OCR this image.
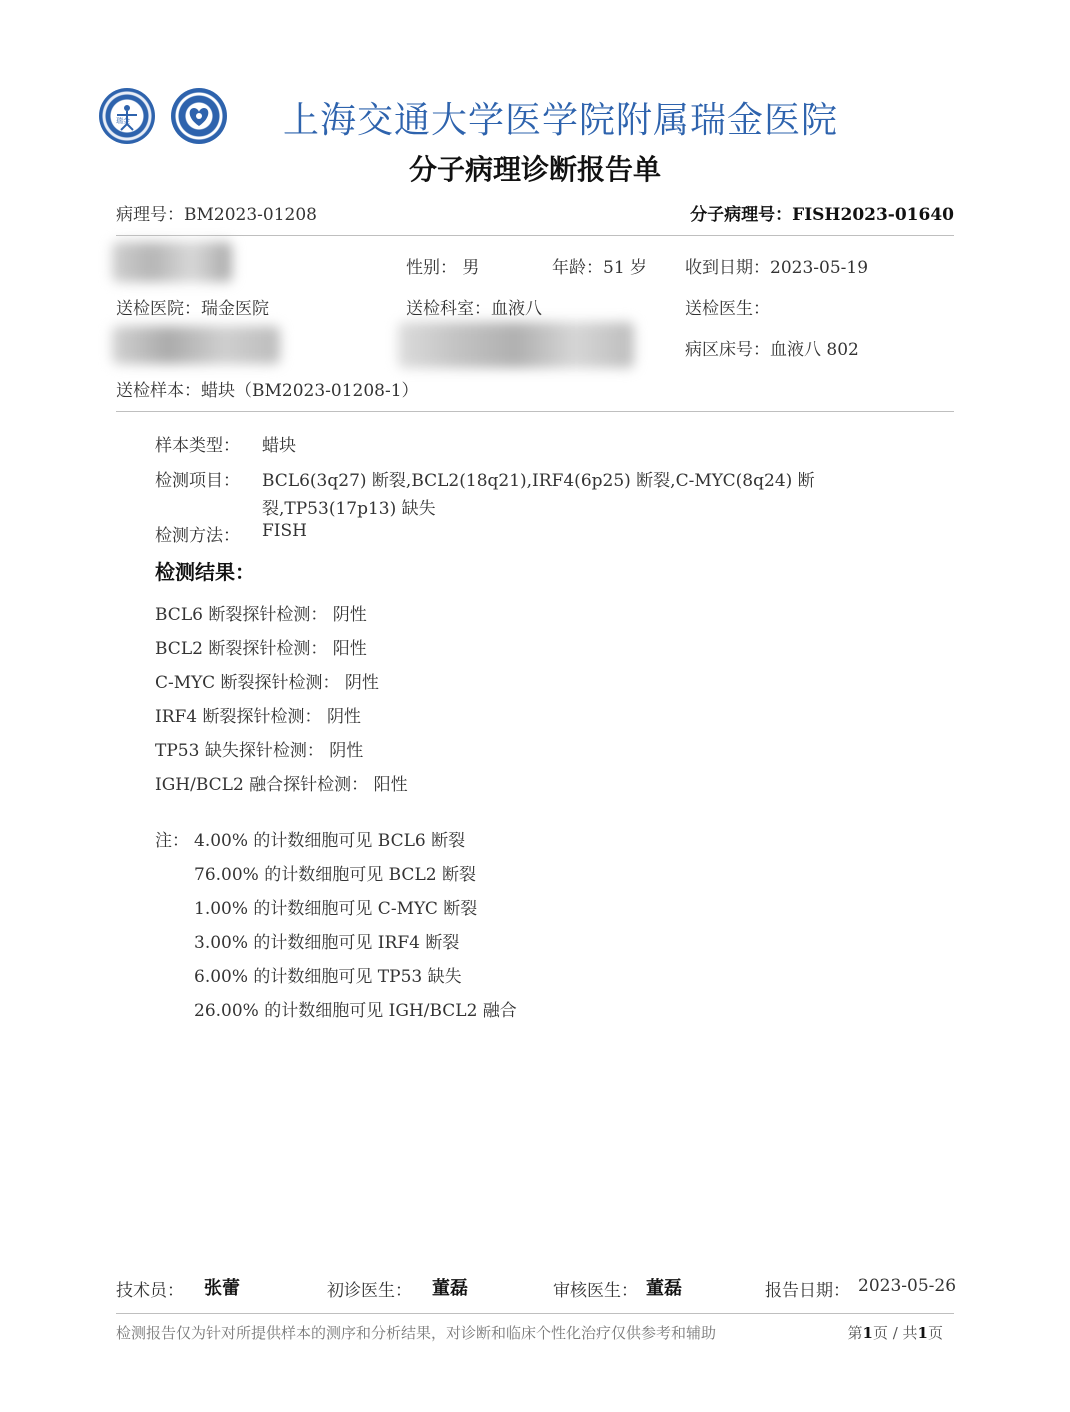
瑞金	上海交通大学医学院附属瑞金医院
分子病理诊断报告单
病理号：BM2023-01208	分子病理号：FISH2023-01640
性别： 男	年龄：51 岁 收到日期：2023-05-19
送检医院：瑞金医院	送检科室：血液八	送检医生：
病区床号：血液八 802
送检样本：蜡块（BM2023-01208-1）
样本类型： 蜡块
检测项目： BCL6(3q27) 断裂,BCL2(18q21),IRF4(6p25) 断裂,C-MYC(8q24) 断
裂,TP53(17p13) 缺失
检测方法： FISH
检测结果：
BCL6 断裂探针检测： 阴性
BCL2 断裂探针检测： 阳性
C-MYC 断裂探针检测： 阴性
IRF4 断裂探针检测： 阴性
TP53 缺失探针检测： 阴性
IGH/BCL2 融合探针检测： 阳性
注： 4.00% 的计数细胞可见 BCL6 断裂
76.00% 的计数细胞可见 BCL2 断裂
1.00% 的计数细胞可见 C-MYC 断裂
3.00% 的计数细胞可见 IRF4 断裂
6.00% 的计数细胞可见 TP53 缺失
26.00% 的计数细胞可见 IGH/BCL2 融合
技术员： 张蕾	初诊医生： 董磊	审核医生： 董磊	报告日期： 2023-05-26
检测报告仅为针对所提供样本的测序和分析结果，对诊断和临床个性化治疗仅供参考和辅助	第1页 / 共1页
